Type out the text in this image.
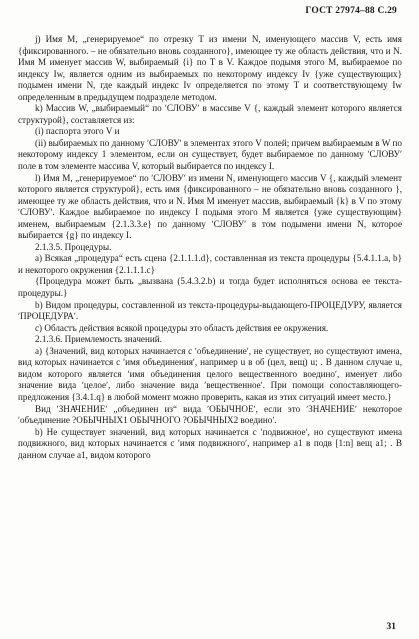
ГОСТ 27974–88 С.29

j) Имя M, „генерируемое“ по отрезку T из имени N, именующего массив V, есть имя {фиксированного. – не обязательно вновь созданного}, имеющее ту же область действия, что и N. Имя M именует массив W, выбираемый {i} по T в V. Каждое подымя этого M, выбираемое по индексу Iw, является одним из выбираемых по некоторому индексу Iv {уже существующих} подымен имени N, где каждый индекс Iv определяется по этому T и соответствующему Iw определенным в предыдущем подразделе методом.

k) Массив W, „выбираемый“ по ʹСЛОВУʹ в массиве V {, каждый элемент которого является структурой}, составляется из:

(i) паспорта этого V и

(ii) выбираемых по данному ʹСЛОВУʹ в элементах этого V полей; причем выбираемым в W по некоторому индексу 1 элементом, если он существует, будет выбираемое по данному ʹСЛОВУʹ поле в том элементе массива V, который выбирается по индексу I.

l) Имя M, „генерируемое“ по ʹСЛОВУʹ из имени N, именующего массив V {, каждый элемент которого является структурой}, есть имя {фиксированного – не обязательно вновь созданного }, имеющее ту же область действия, что и N. Имя M именует массив, выбираемый {k} в V по этому ʹСЛОВУʹ. Каждое выбираемое по индексу I подымя этого M является {уже существующим} именем, выбираемым {2.1.3.3.e} по данному ʹСЛОВУʹ в том подымени имени N, которое выбирается {g} по индексу I.

2.1.3.5. Процедуры.

a) Всякая „процедура“ есть сцена {2.1.1.1.d}, составленная из текста процедуры {5.4.1.1.a, b} и некоторого окружения {2.1.1.1.c}

{Процедура может быть „вызвана (5.4.3.2.b) и тогда будет исполняться основа ее текста-процедуры.}

b) Видом процедуры, составленной из текста-процедуры-выдающего-ПРОЦЕДУРУ, является ʹПРОЦЕДУРАʹ.

c) Областъ действия всякой процедуры это область действия ее окружения.

2.1.3.6. Приемлемость значений.

a) {Значений, вид которых начинается с ʹобъединениеʹ, не существует, но существуют имена, вид которых начинается с ʹимя объединенияʹ, например u в об (цел, вещ) u; . В данном случае u, видом которого является ʹимя объединения целого вещественного воединоʹ, именует либо значение вида ʹцелоеʹ, либо значение вида ʹвещественноеʹ. При помощи сопоставляющего-предложения {3.4.1.q} в любой момент можно проверить, какая из этих ситуаций имеет место.}

Вид ʹЗНАЧЕНИЕʹ „объединен из“ вида ʹОБЫЧНОЕʹ, если это ʹЗНАЧЕНИЕʹ некоторое ʹобъединение ?ОБЫЧНЫХ1 ОБЫЧНОГО ?ОБЫЧНЫХ2 воединоʹ.

b) Не существует значений, вид которых начинается с ʹподвижноеʹ, но существуют имена подвижного, вид которых начинается с ʹимя подвижногоʹ, например a1 в подв [1:n] вещ a1; . В данном случае a1, видом которого

31
